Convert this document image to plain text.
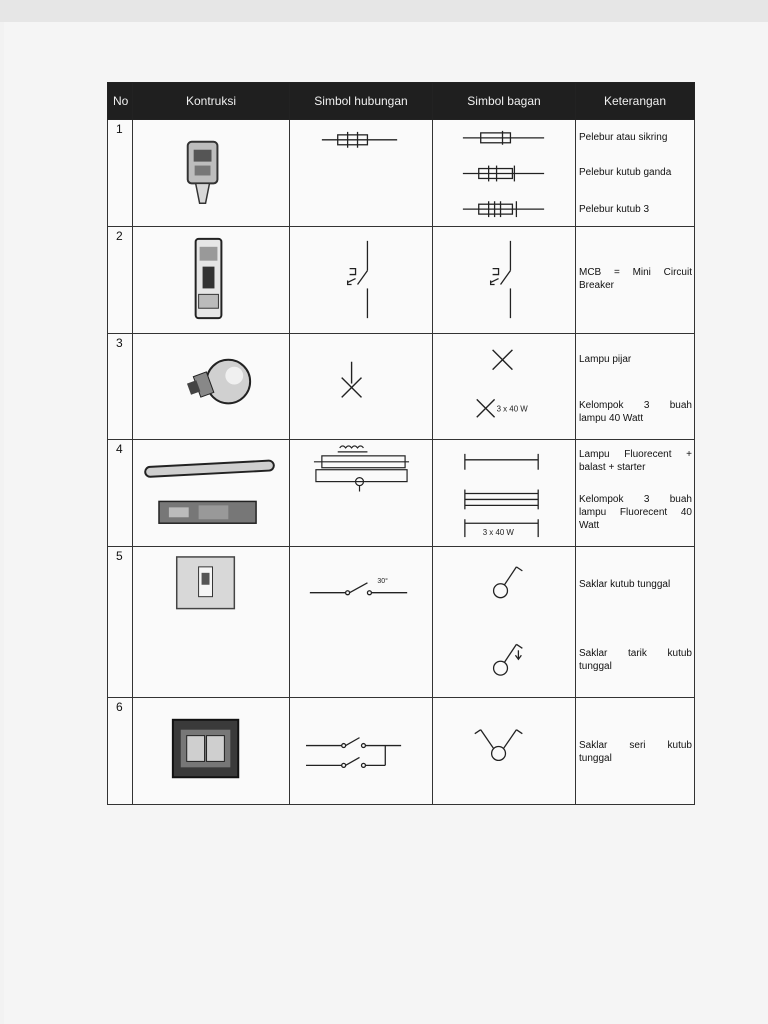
No	Kontruksi	Simbol hubungan	Simbol bagan	Keterangan
1				Pelebur atau sikring
Pelebur kutub ganda
Pelebur kutub 3

2				MCB = Mini Circuit
Breaker

3			3 x 40 W	Lampu pijar
Kelompok 3 buah
lampu 40 Watt

4			3 x 40 W	Lampu Fluorecent +
balast + starter
Kelompok 3 buah
lampu Fluorecent 40
Watt

5		30°		Saklar kutub tunggal
Saklar tarik kutub
tunggal

6				Saklar seri kutub
tunggal
